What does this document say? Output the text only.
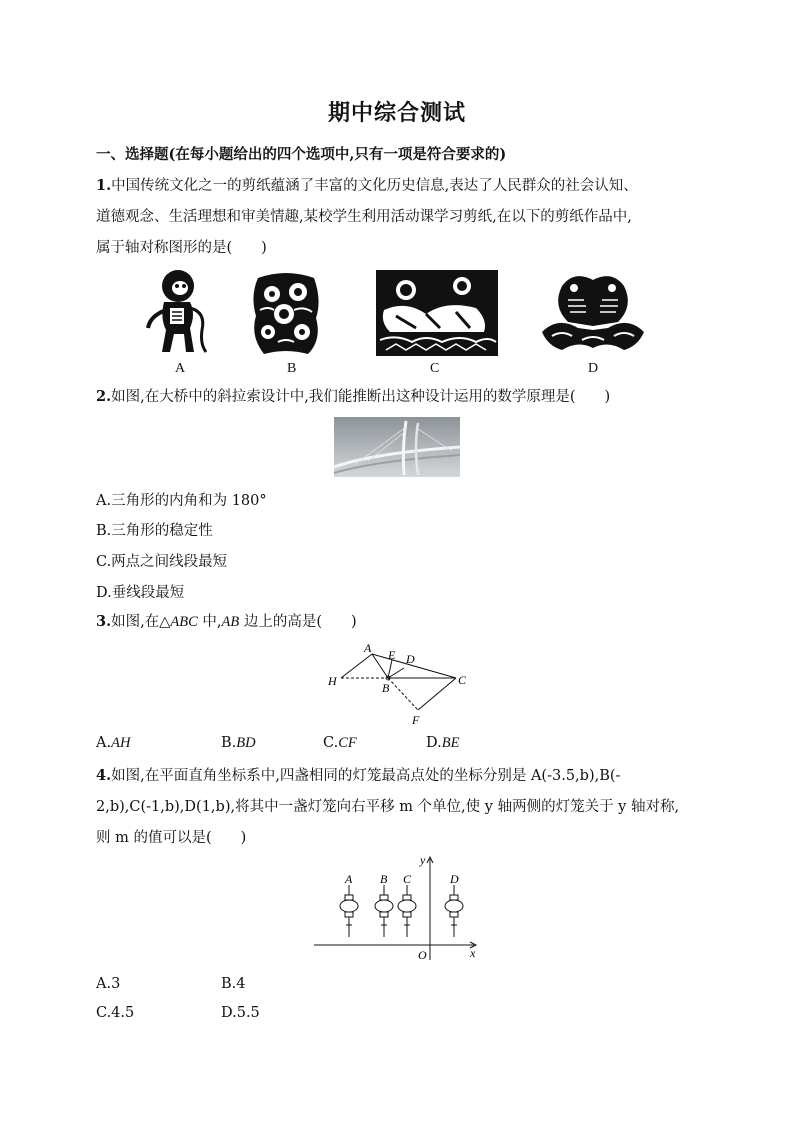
期中综合测试
一、选择题(在每小题给出的四个选项中,只有一项是符合要求的)
1.中国传统文化之一的剪纸蕴涵了丰富的文化历史信息,表达了人民群众的社会认知、
道德观念、生活理想和审美情趣,某校学生利用活动课学习剪纸,在以下的剪纸作品中,
属于轴对称图形的是(　　)
A	B	C	D
2.如图,在大桥中的斜拉索设计中,我们能推断出这种设计运用的数学原理是(　　)
A.三角形的内角和为 180°
B.三角形的稳定性
C.两点之间线段最短
D.垂线段最短
3.如图,在△ABC 中,AB 边上的高是(　　)
A E D
H	B
C
F
A.AH	B.BD	C.CF	D.BE
4.如图,在平面直角坐标系中,四盏相同的灯笼最高点处的坐标分别是 A(-3.5,b),B(-
2,b),C(-1,b),D(1,b),将其中一盏灯笼向右平移 m 个单位,使 y 轴两侧的灯笼关于 y 轴对称,
则 m 的值可以是(　　)
y
x
O
A B C	D
A.3	B.4
C.4.5	D.5.5
